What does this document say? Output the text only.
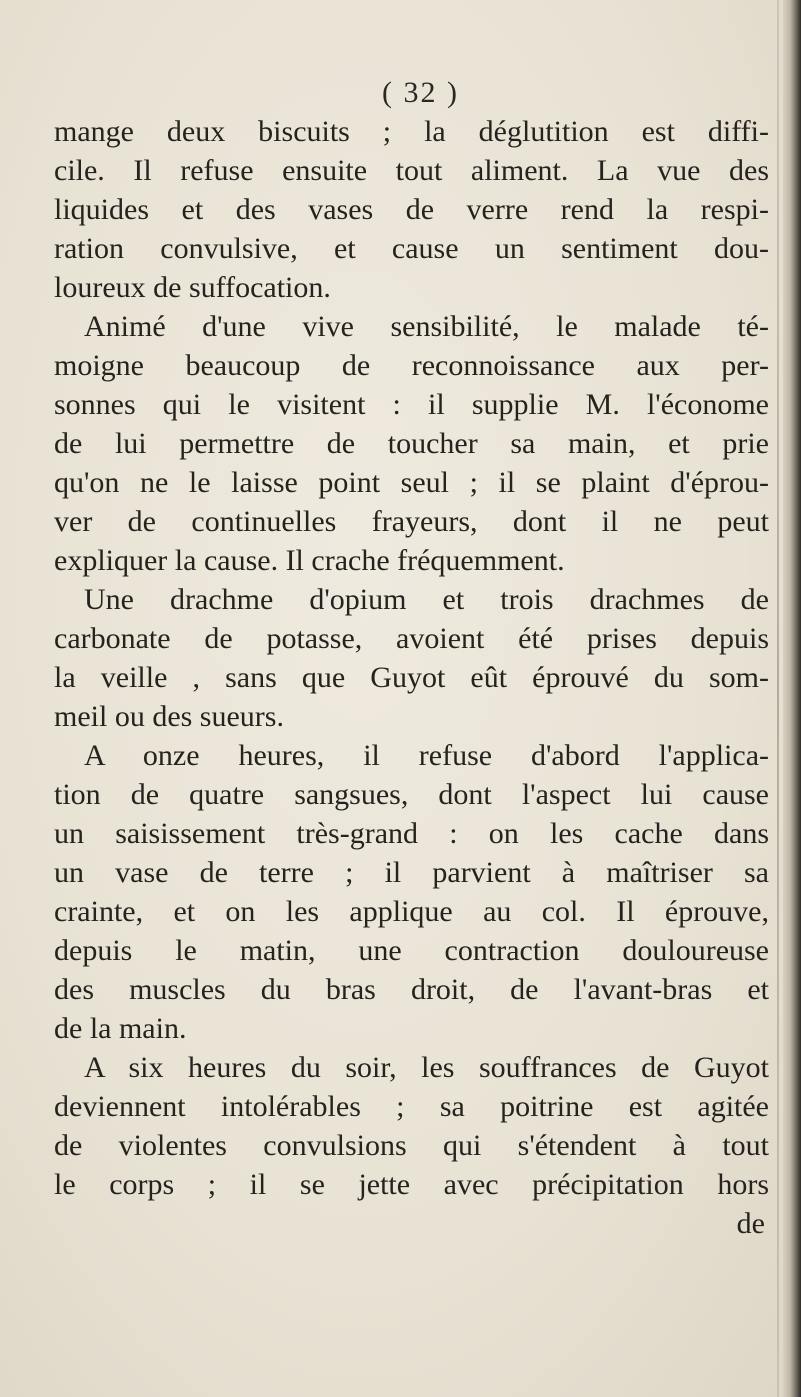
( 32 )
mange deux biscuits ; la déglutition est diffi-
cile. Il refuse ensuite tout aliment. La vue des
liquides et des vases de verre rend la respi-
ration convulsive, et cause un sentiment dou-
loureux de suffocation.
Animé d'une vive sensibilité, le malade té-
moigne beaucoup de reconnoissance aux per-
sonnes qui le visitent : il supplie M. l'économe
de lui permettre de toucher sa main, et prie
qu'on ne le laisse point seul ; il se plaint d'éprou-
ver de continuelles frayeurs, dont il ne peut
expliquer la cause. Il crache fréquemment.
Une drachme d'opium et trois drachmes de
carbonate de potasse, avoient été prises depuis
la veille , sans que Guyot eût éprouvé du som-
meil ou des sueurs.
A onze heures, il refuse d'abord l'applica-
tion de quatre sangsues, dont l'aspect lui cause
un saisissement très-grand : on les cache dans
un vase de terre ; il parvient à maîtriser sa
crainte, et on les applique au col. Il éprouve,
depuis le matin, une contraction douloureuse
des muscles du bras droit, de l'avant-bras et
de la main.
A six heures du soir, les souffrances de Guyot
deviennent intolérables ; sa poitrine est agitée
de violentes convulsions qui s'étendent à tout
le corps ; il se jette avec précipitation hors
de
